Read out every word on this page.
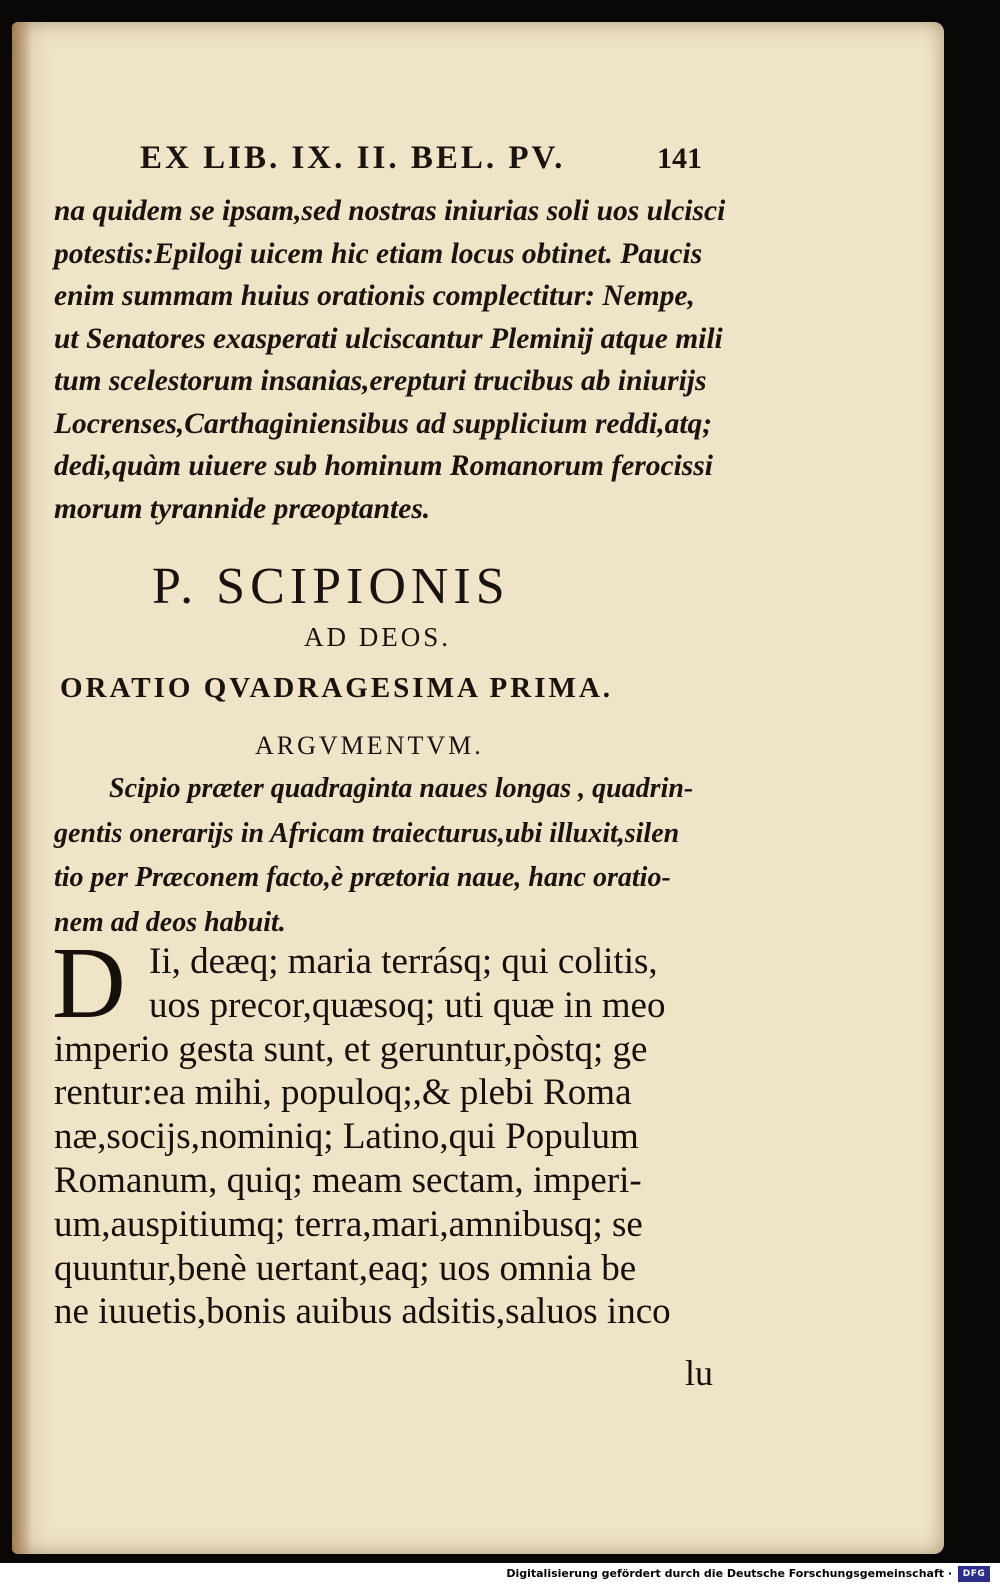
EX LIB. IX. II. BEL. PV.	141
na quidem se ipsam,sed nostras iniurias soli uos ulcisci
potestis:Epilogi uicem hic etiam locus obtinet. Paucis
enim summam huius orationis complectitur: Nempe,
ut Senatores exasperati ulciscantur Pleminij atque mili
tum scelestorum insanias,erepturi trucibus ab iniurijs
Locrenses,Carthaginiensibus ad supplicium reddi,atq;
dedi,quàm uiuere sub hominum Romanorum ferocissi
morum tyrannide præoptantes.
P. SCIPIONIS
AD DEOS.
ORATIO QVADRAGESIMA PRIMA.
ARGVMENTVM.
Scipio præter quadraginta naues longas , quadrin-
gentis onerarijs in Africam traiecturus,ubi illuxit,silen
tio per Præconem facto,è prætoria naue, hanc oratio-
nem ad deos habuit.
D Ii, deæq; maria terrásq; qui colitis,
uos precor,quæsoq; uti quæ in meo
imperio gesta sunt, et geruntur,pòstq; ge
rentur:ea mihi, populoq;,& plebi Roma
næ,socijs,nominiq; Latino,qui Populum
Romanum, quiq; meam sectam, imperi-
um,auspitiumq; terra,mari,amnibusq; se
quuntur,benè uertant,eaq; uos omnia be
ne iuuetis,bonis auibus adsitis,saluos inco
lu
Digitalisierung gefördert durch die Deutsche Forschungsgemeinschaft ·	DFG
